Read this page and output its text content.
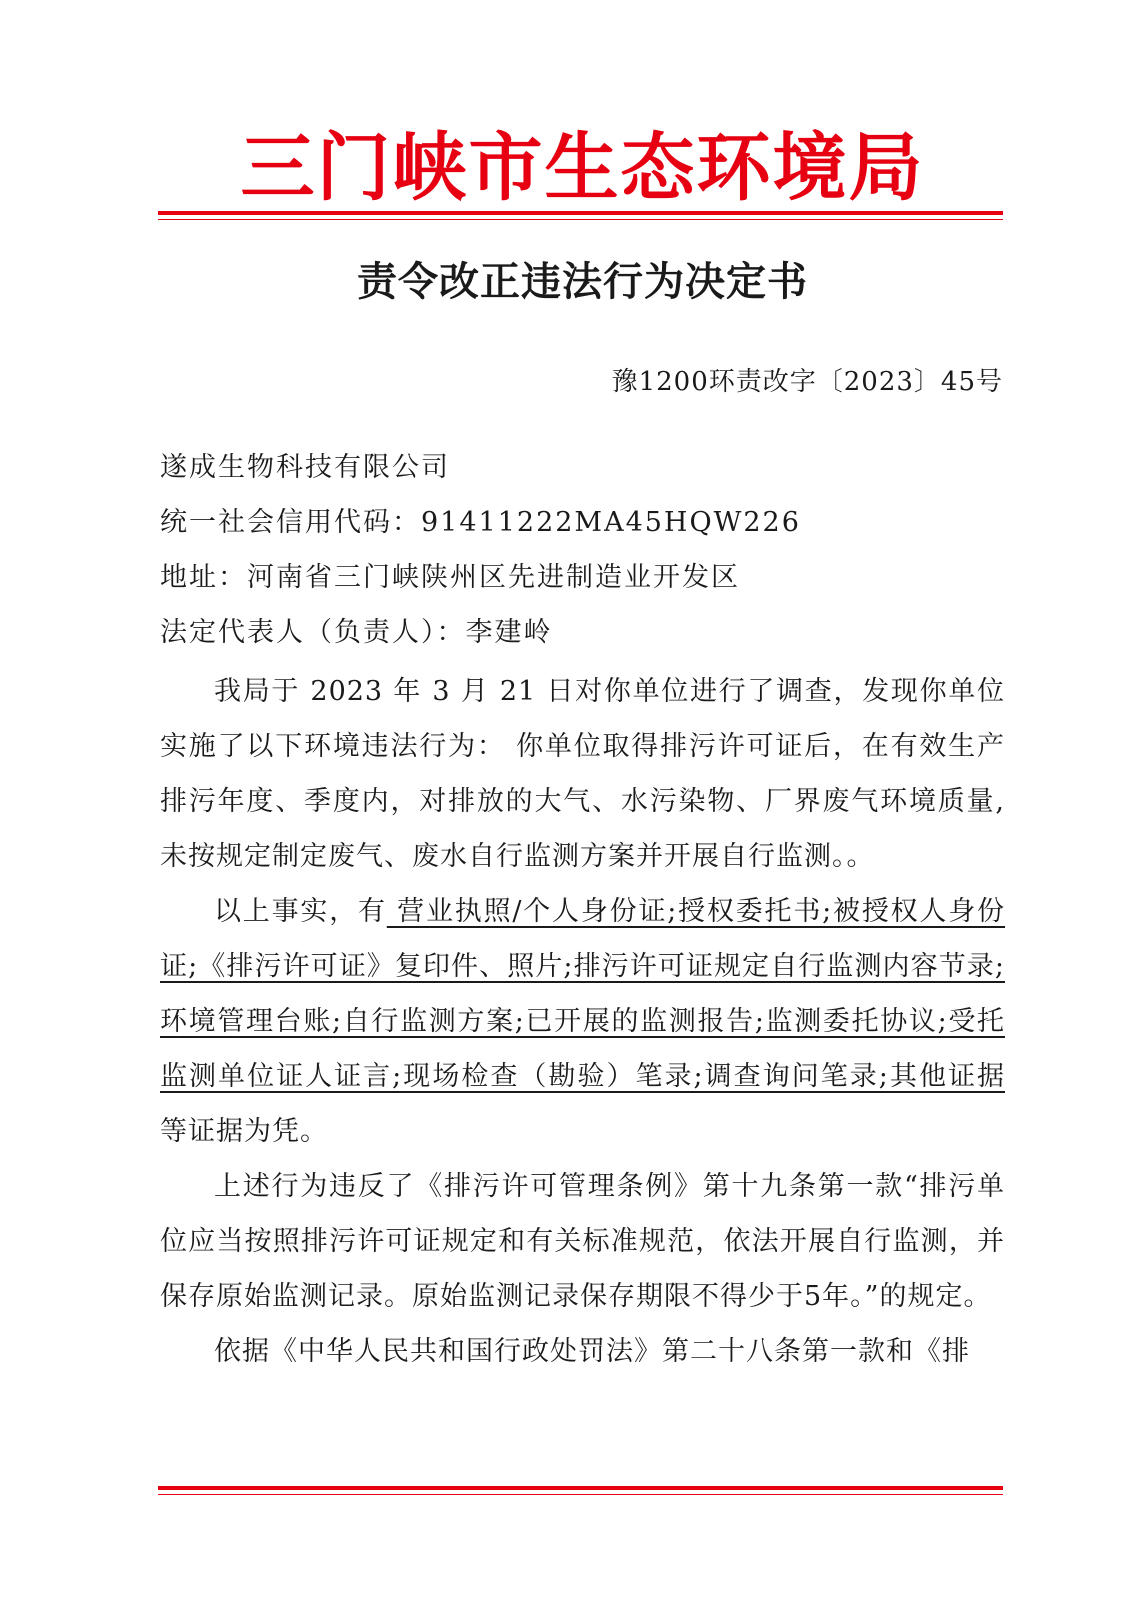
三门峡市生态环境局
责令改正违法行为决定书
豫1200环责改字〔2023〕45号
遂成生物科技有限公司
统一社会信用代码：91411222MA45HQW226
地址：河南省三门峡陕州区先进制造业开发区
法定代表人（负责人）：李建岭

我局于 2023 年 3 月 21 日对你单位进行了调查，发现你单位实施了以下环境违法行为： 你单位取得排污许可证后，在有效生产排污年度、季度内，对排放的大气、水污染物、厂界废气环境质量,未按规定制定废气、废水自行监测方案并开展自行监测。。

以上事实，有 营业执照/个人身份证;授权委托书;被授权人身份证;《排污许可证》复印件、照片;排污许可证规定自行监测内容节录;环境管理台账;自行监测方案;已开展的监测报告;监测委托协议;受托监测单位证人证言;现场检查（勘验）笔录;调查询问笔录;其他证据 等证据为凭。

上述行为违反了《排污许可管理条例》第十九条第一款“排污单位应当按照排污许可证规定和有关标准规范，依法开展自行监测，并保存原始监测记录。原始监测记录保存期限不得少于5年。”的规定。

依据《中华人民共和国行政处罚法》第二十八条第一款和《排
